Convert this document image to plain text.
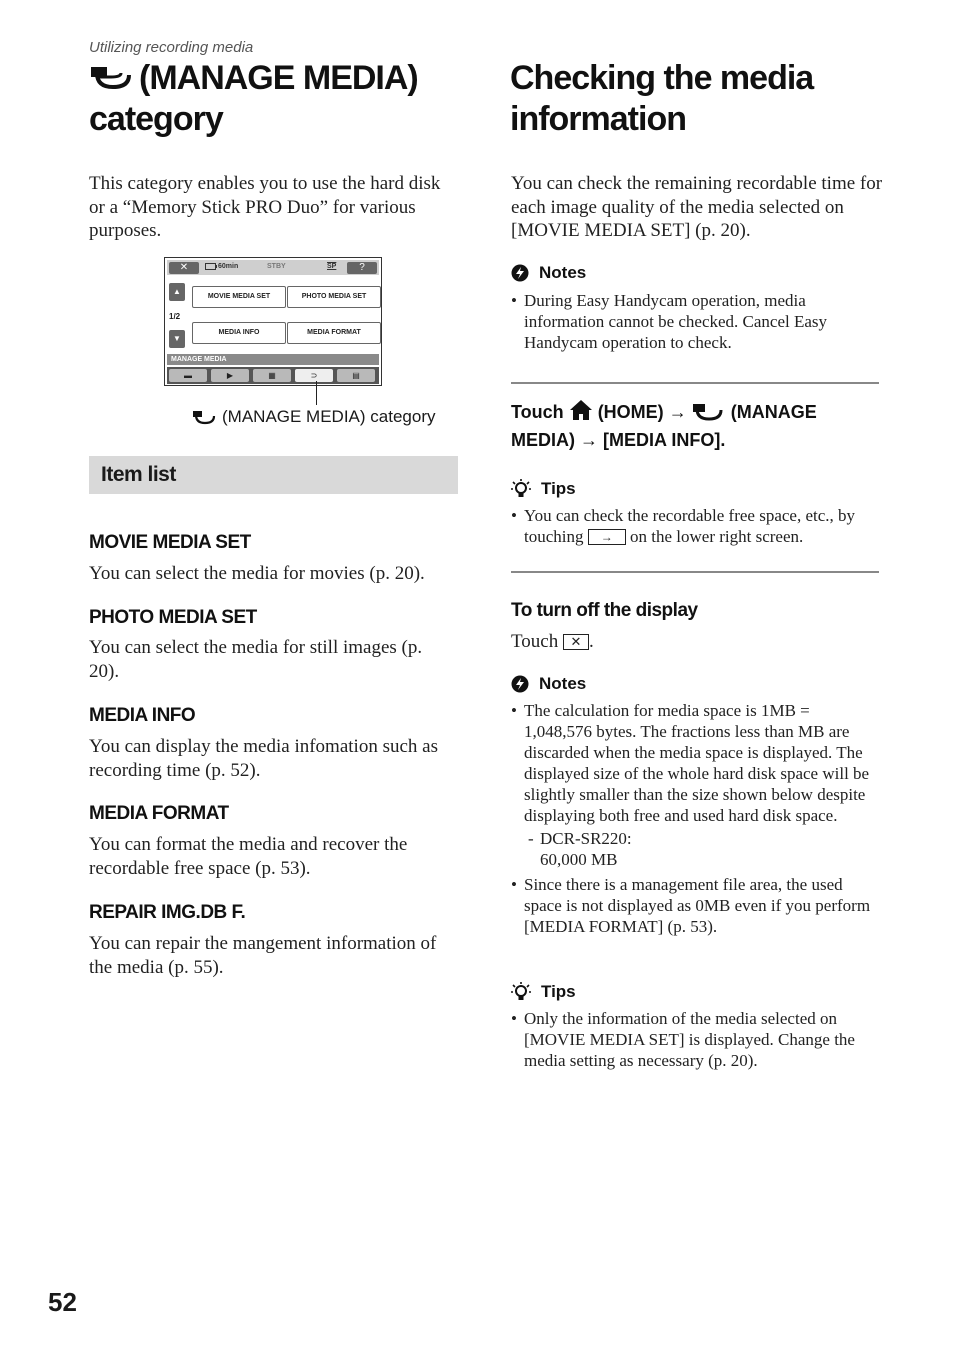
Utilizing recording media
(MANAGE MEDIA)
category
This category enables you to use the hard disk or a “Memory Stick PRO Duo” for various purposes.
✕	60min	STBY	SP	?
▲
1/2
▼
MOVIE MEDIA SET	PHOTO MEDIA SET
MEDIA INFO	MEDIA FORMAT
MANAGE MEDIA
▬	▶	▦	⊃	▤
(MANAGE MEDIA) category
Item list
MOVIE MEDIA SET
You can select the media for movies (p. 20).
PHOTO MEDIA SET
You can select the media for still images (p. 20).
MEDIA INFO
You can display the media infomation such as recording time (p. 52).
MEDIA FORMAT
You can format the media and recover the recordable free space (p. 53).
REPAIR IMG.DB F.
You can repair the mangement information of the media (p. 55).
Checking the media
information
You can check the remaining recordable time for each image quality of the media selected on [MOVIE MEDIA SET] (p. 20).
Notes
• During Easy Handycam operation, media information cannot be checked. Cancel Easy Handycam operation to check.
Touch (HOME) → (MANAGE
MEDIA) → [MEDIA INFO].
Tips
• You can check the recordable free space, etc., by touching → on the lower right screen.
To turn off the display
Touch ✕ .
Notes
• The calculation for media space is 1MB = 1,048,576 bytes. The fractions less than MB are discarded when the media space is displayed. The displayed size of the whole hard disk space will be slightly smaller than the size shown below despite displaying both free and used hard disk space.
- DCR-SR220:
60,000 MB
• Since there is a management file area, the used space is not displayed as 0MB even if you perform [MEDIA FORMAT] (p. 53).
Tips
• Only the information of the media selected on [MOVIE MEDIA SET] is displayed. Change the media setting as necessary (p. 20).
52
